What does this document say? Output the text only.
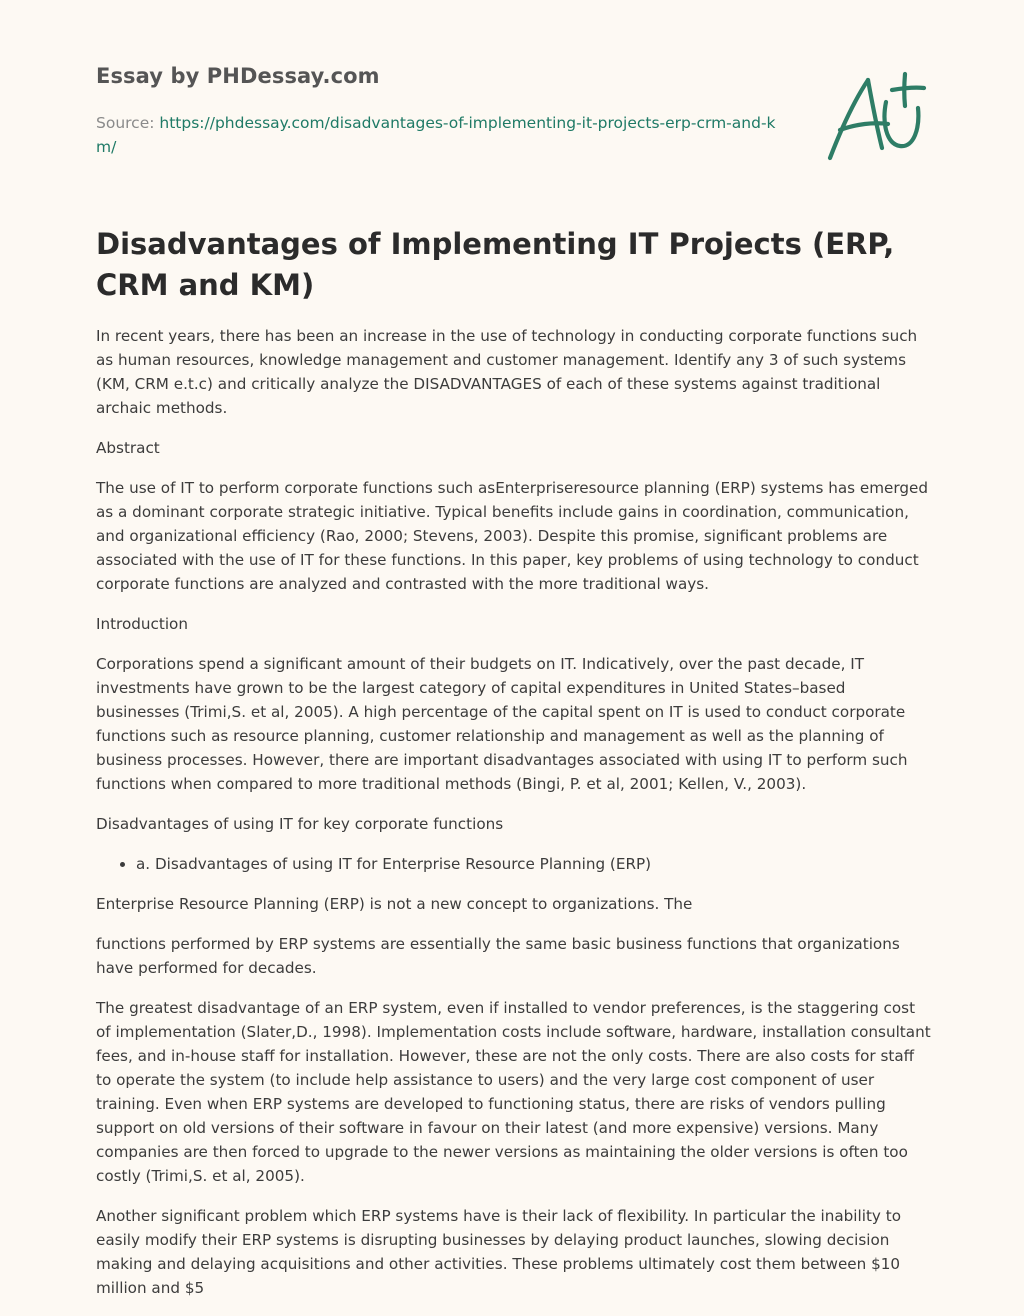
Essay by PHDessay.com
Source: https://phdessay.com/disadvantages-of-implementing-it-projects-erp-crm-and-km/
Disadvantages of Implementing IT Projects (ERP, CRM and KM)

In recent years, there has been an increase in the use of technology in conducting corporate functions such as human resources, knowledge management and customer management. Identify any 3 of such systems (KM, CRM e.t.c) and critically analyze the DISADVANTAGES of each of these systems against traditional archaic methods.

Abstract

The use of IT to perform corporate functions such asEnterpriseresource planning (ERP) systems has emerged as a dominant corporate strategic initiative. Typical benefits include gains in coordination, communication, and organizational efficiency (Rao, 2000; Stevens, 2003). Despite this promise, significant problems are associated with the use of IT for these functions. In this paper, key problems of using technology to conduct corporate functions are analyzed and contrasted with the more traditional ways.

Introduction

Corporations spend a significant amount of their budgets on IT. Indicatively, over the past decade, IT investments have grown to be the largest category of capital expenditures in United States–based businesses (Trimi,S. et al, 2005). A high percentage of the capital spent on IT is used to conduct corporate functions such as resource planning, customer relationship and management as well as the planning of business processes. However, there are important disadvantages associated with using IT to perform such functions when compared to more traditional methods (Bingi, P. et al, 2001; Kellen, V., 2003).

Disadvantages of using IT for key corporate functions

• a. Disadvantages of using IT for Enterprise Resource Planning (ERP)

Enterprise Resource Planning (ERP) is not a new concept to organizations. The

functions performed by ERP systems are essentially the same basic business functions that organizations have performed for decades.

The greatest disadvantage of an ERP system, even if installed to vendor preferences, is the staggering cost of implementation (Slater,D., 1998). Implementation costs include software, hardware, installation consultant fees, and in-house staff for installation. However, these are not the only costs. There are also costs for staff to operate the system (to include help assistance to users) and the very large cost component of user training. Even when ERP systems are developed to functioning status, there are risks of vendors pulling support on old versions of their software in favour on their latest (and more expensive) versions. Many companies are then forced to upgrade to the newer versions as maintaining the older versions is often too costly (Trimi,S. et al, 2005).

Another significant problem which ERP systems have is their lack of flexibility. In particular the inability to easily modify their ERP systems is disrupting businesses by delaying product launches, slowing decision making and delaying acquisitions and other activities. These problems ultimately cost them between $10 million and $5
